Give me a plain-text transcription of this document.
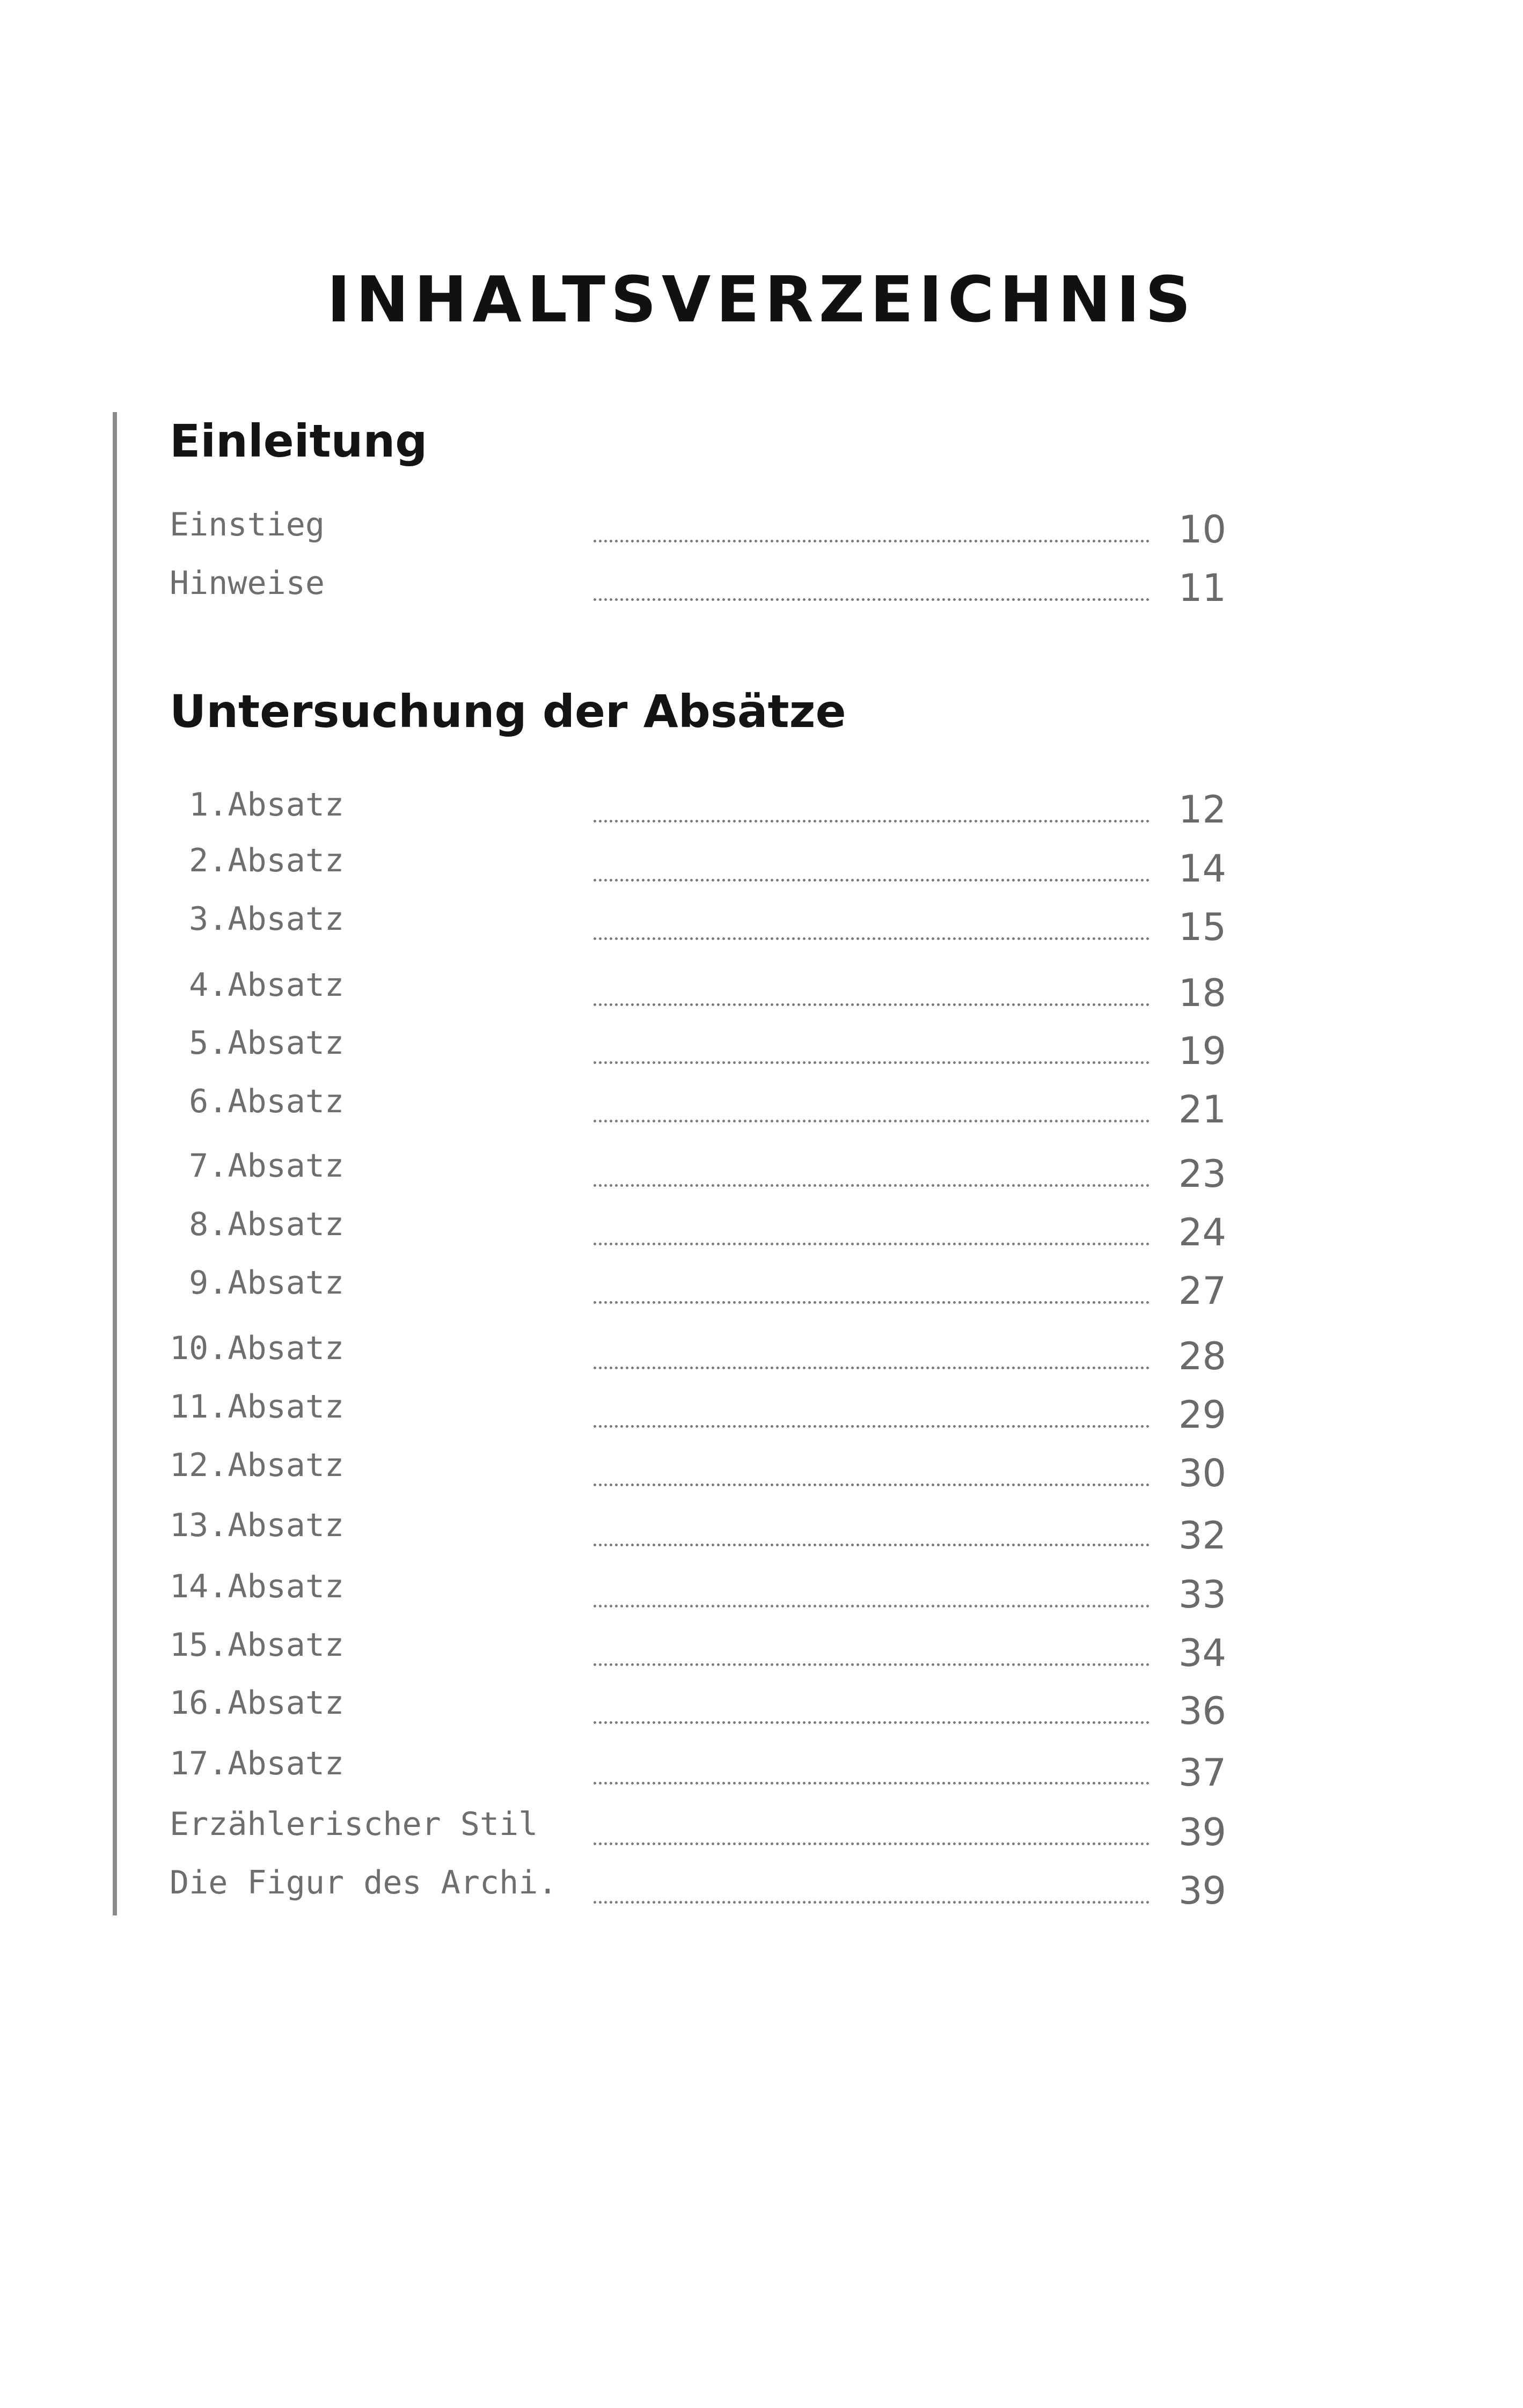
INHALTSVERZEICHNIS
Einleitung
Einstieg	10
Hinweise	11
Untersuchung der Absätze
1.Absatz	12
2.Absatz	14
3.Absatz	15
4.Absatz	18
5.Absatz	19
6.Absatz	21
7.Absatz	23
8.Absatz	24
9.Absatz	27
10.Absatz	28
11.Absatz	29
12.Absatz	30
13.Absatz	32
14.Absatz	33
15.Absatz	34
16.Absatz	36
17.Absatz	37
Erzählerischer Stil	39
Die Figur des Archi.	39
